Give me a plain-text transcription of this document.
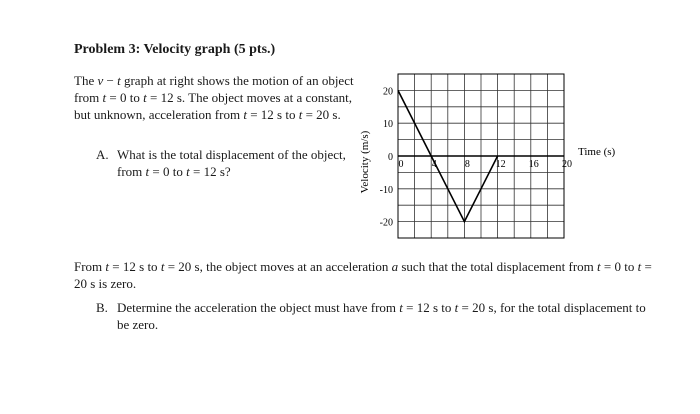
Problem 3: Velocity graph (5 pts.)
The v − t graph at right shows the motion of an object from t = 0 to t = 12 s. The object moves at a constant, but unknown, acceleration from t = 12 s to t = 20 s.
A. What is the total displacement of the object, from t = 0 to t = 12 s?
20
10
0
-10
-20
0	4	8	12 16 20
Time (s)
Velocity (m/s)
From t = 12 s to t = 20 s, the object moves at an acceleration a such that the total displacement from t = 0 to t = 20 s is zero.
B. Determine the acceleration the object must have from t = 12 s to t = 20 s, for the total displacement to be zero.
